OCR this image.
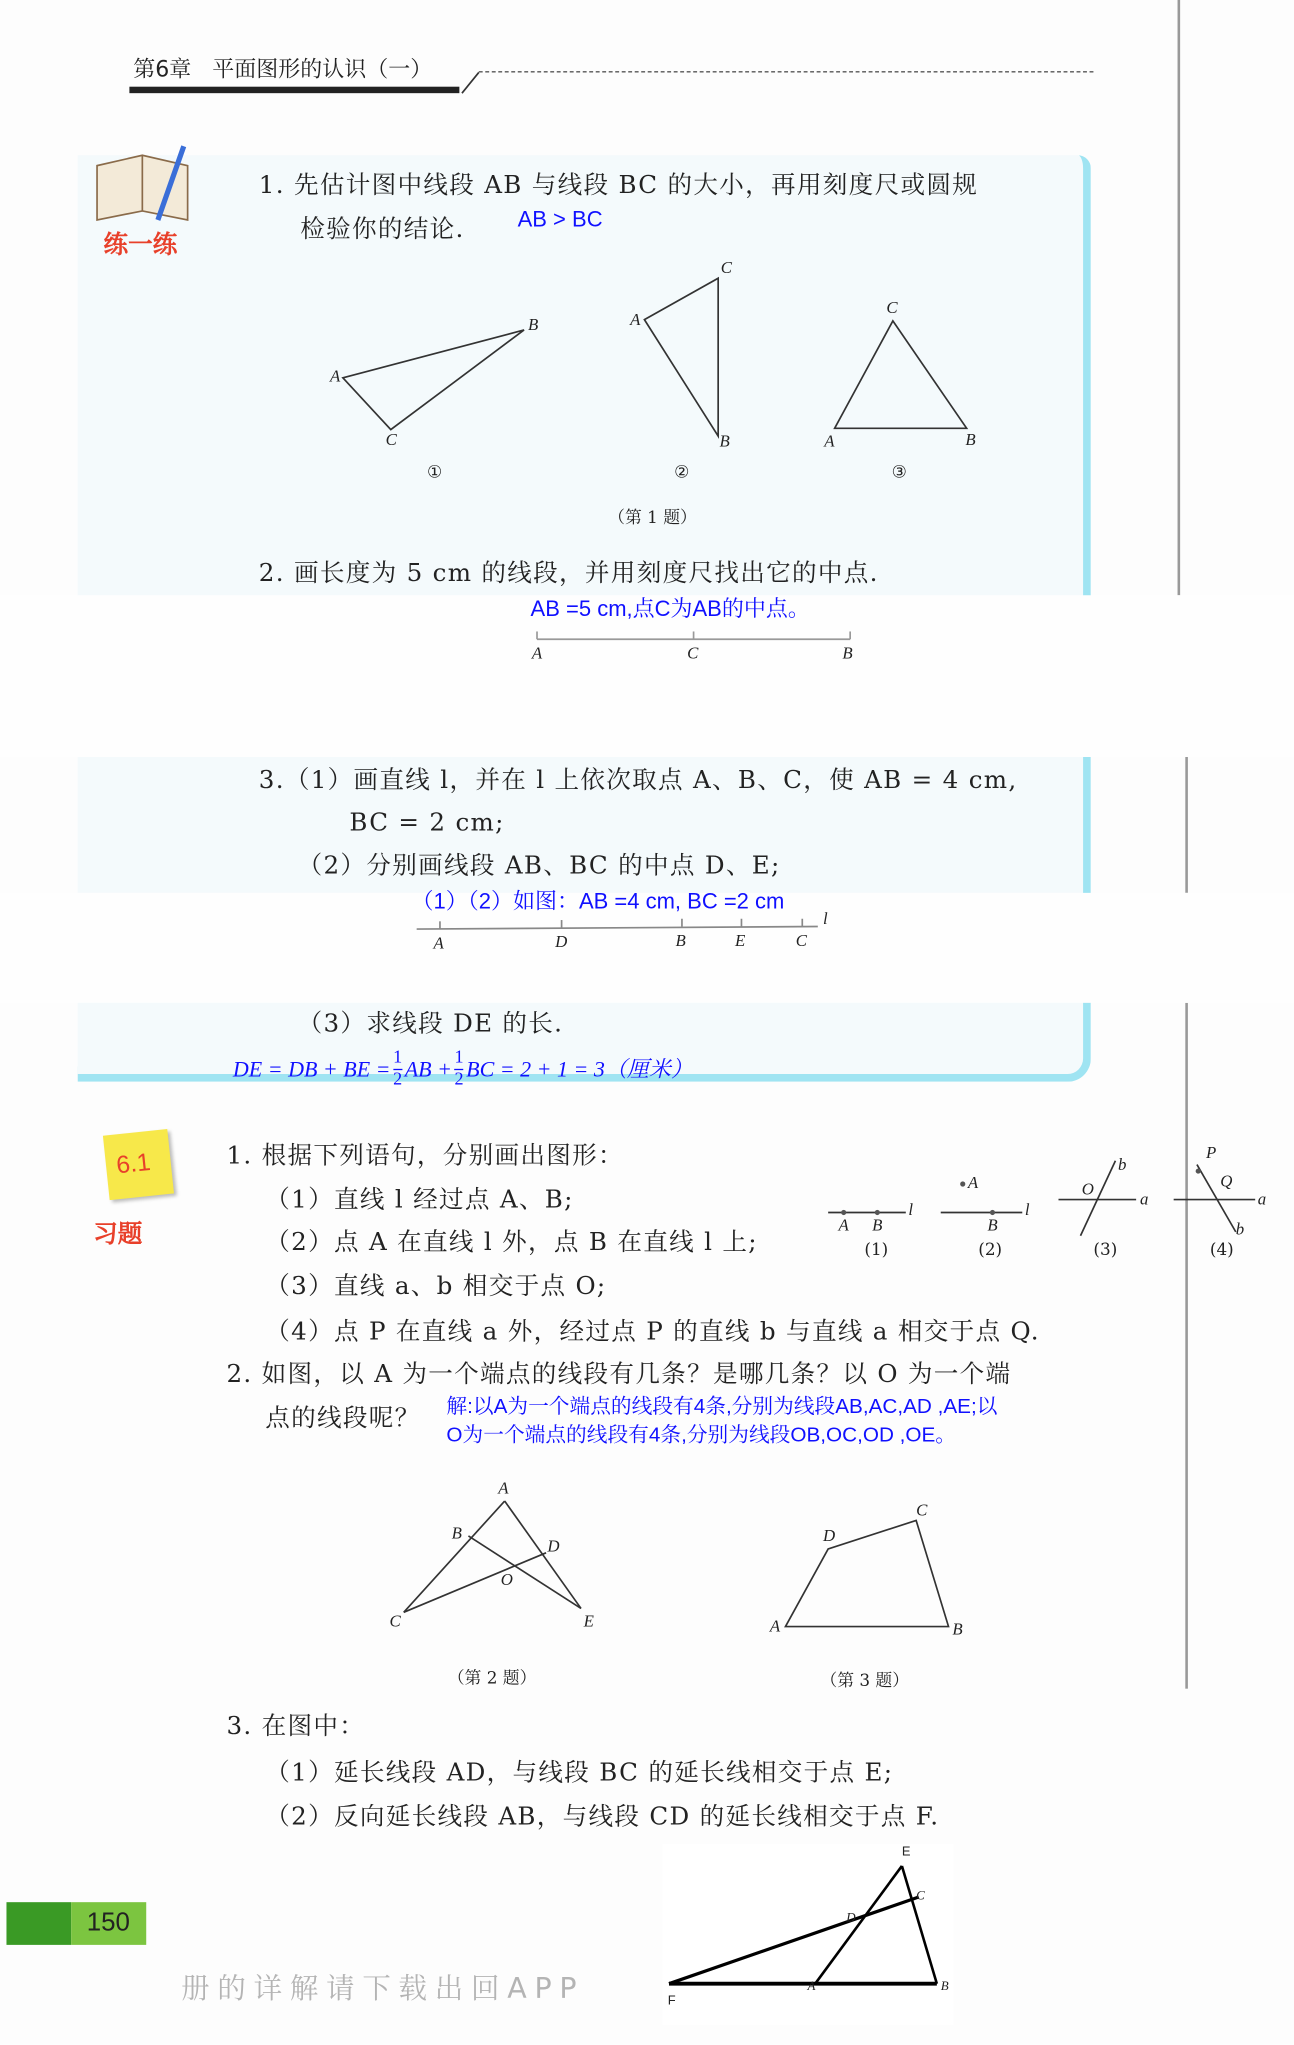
第6章 平面图形的认识（一）
练一练
1. 先估计图中线段 AB 与线段 BC 的大小，再用刻度尺或圆规
检验你的结论.	AB > BC
A
B
C
A
B
C
A	B
C
①	②	③
（第 1 题）
2. 画长度为 5 cm 的线段，并用刻度尺找出它的中点.
AB =5 cm,点C为AB的中点。
A	C	B
3.（1）画直线 l，并在 l 上依次取点 A、B、C，使 AB = 4 cm,
BC = 2 cm;
（2）分别画线段 AB、BC 的中点 D、E;
（1）（2）如图：AB =4 cm, BC =2 cm
A	D	B	E	C
l
（3）求线段 DE 的长.
DE = DB + BE = $\frac{1}{2}$ AB + $\frac{1}{2}$ BC = 2 + 1 = 3（厘米）
册的详解请下载出回APP
6.1
习题
1. 根据下列语句，分别画出图形：
（1）直线 l 经过点 A、B;
（2）点 A 在直线 l 外，点 B 在直线 l 上;
（3）直线 a、b 相交于点 O;
（4）点 P 在直线 a 外，经过点 P 的直线 b 与直线 a 相交于点 Q.
A B
l
A
B
l
O
b
a
P
Q
a
b
(1)	(2)	(3)	(4)
2. 如图，以 A 为一个端点的线段有几条？是哪几条？以 O 为一个端
点的线段呢？ 解:以A为一个端点的线段有4条,分别为线段AB,AC,AD ,AE;以
O为一个端点的线段有4条,分别为线段OB,OC,OD ,OE。
A
B
D
O
C	E
D
C
A	B
（第 2 题）	（第 3 题）
3. 在图中：
（1）延长线段 AD，与线段 BC 的延长线相交于点 E;
（2）反向延长线段 AB，与线段 CD 的延长线相交于点 F.
E
C
D
A	B
F
150
